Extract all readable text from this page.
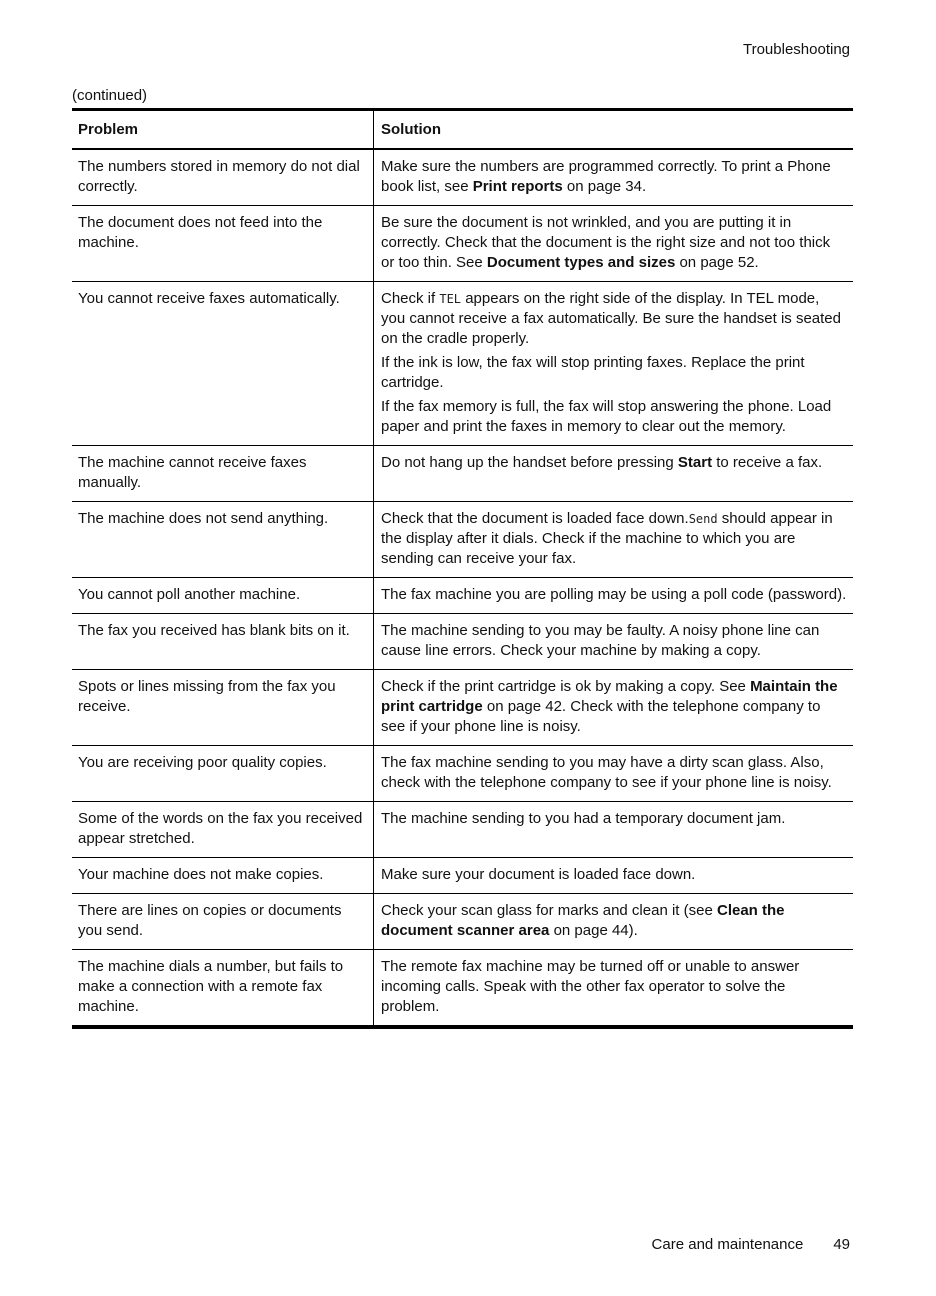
Troubleshooting
(continued)
Problem	Solution
The numbers stored in memory do not dial correctly.	Make sure the numbers are programmed correctly. To print a Phone book list, see Print reports on page 34.

The document does not feed into the machine.	Be sure the document is not wrinkled, and you are putting it in correctly. Check that the document is the right size and not too thick or too thin. See Document types and sizes on page 52.

You cannot receive faxes automatically.	Check if TEL appears on the right side of the display. In TEL mode, you cannot receive a fax automatically. Be sure the handset is seated on the cradle properly.
If the ink is low, the fax will stop printing faxes. Replace the print cartridge.
If the fax memory is full, the fax will stop answering the phone. Load paper and print the faxes in memory to clear out the memory.

The machine cannot receive faxes manually.	Do not hang up the handset before pressing Start to receive a fax.

The machine does not send anything.	Check that the document is loaded face down.Send should appear in the display after it dials. Check if the machine to which you are sending can receive your fax.

You cannot poll another machine.	The fax machine you are polling may be using a poll code (password).

The fax you received has blank bits on it.	The machine sending to you may be faulty. A noisy phone line can cause line errors. Check your machine by making a copy.

Spots or lines missing from the fax you receive.	Check if the print cartridge is ok by making a copy. See Maintain the print cartridge on page 42. Check with the telephone company to see if your phone line is noisy.

You are receiving poor quality copies.	The fax machine sending to you may have a dirty scan glass. Also, check with the telephone company to see if your phone line is noisy.

Some of the words on the fax you received appear stretched.	The machine sending to you had a temporary document jam.

Your machine does not make copies.	Make sure your document is loaded face down.

There are lines on copies or documents you send.	Check your scan glass for marks and clean it (see Clean the document scanner area on page 44).

The machine dials a number, but fails to make a connection with a remote fax machine.	The remote fax machine may be turned off or unable to answer incoming calls. Speak with the other fax operator to solve the problem.
Care and maintenance 49
